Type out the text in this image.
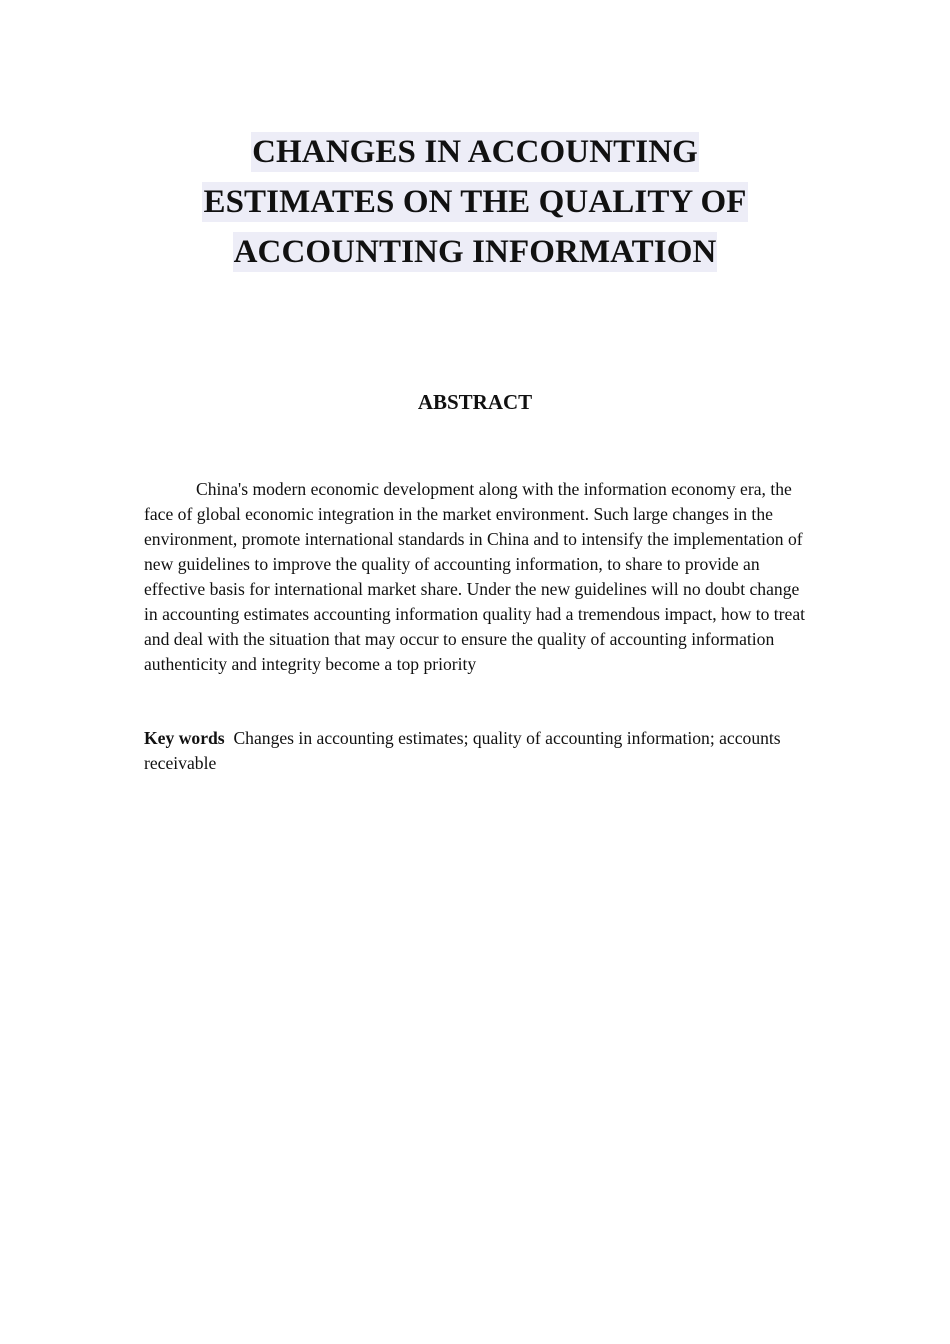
CHANGES IN ACCOUNTING
ESTIMATES ON THE QUALITY OF
ACCOUNTING INFORMATION
ABSTRACT

China's modern economic development along with the information economy era, the face of global economic integration in the market environment. Such large changes in the environment, promote international standards in China and to intensify the implementation of new guidelines to improve the quality of accounting information, to share to provide an effective basis for international market share. Under the new guidelines will no doubt change in accounting estimates accounting information quality had a tremendous impact, how to treat and deal with the situation that may occur to ensure the quality of accounting information authenticity and integrity become a top priority

Key words Changes in accounting estimates; quality of accounting information; accounts receivable
